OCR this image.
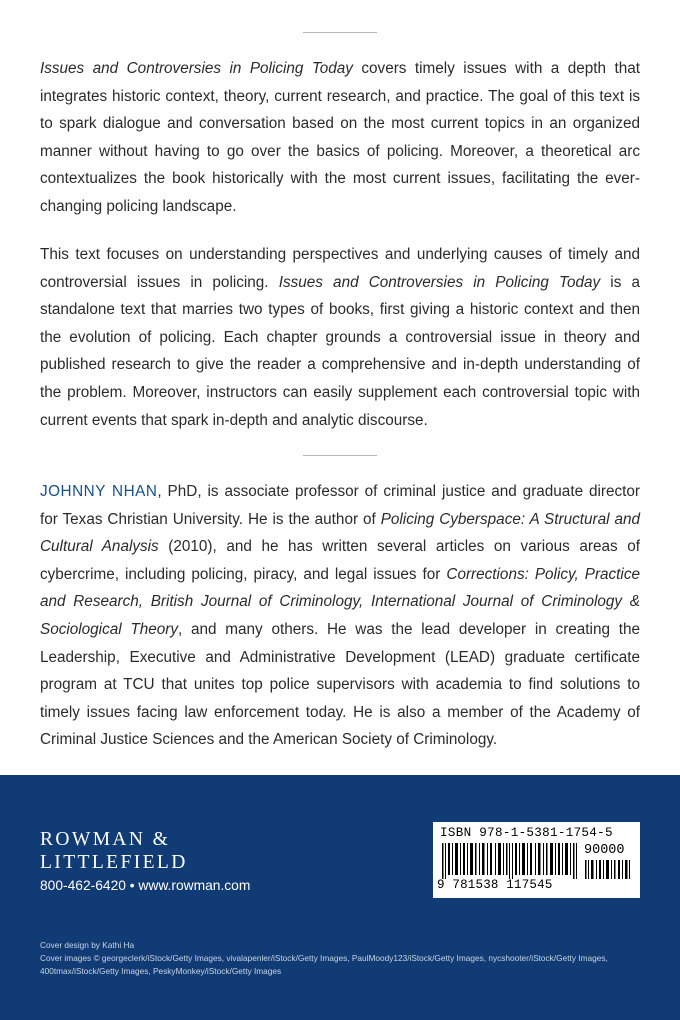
Issues and Controversies in Policing Today covers timely issues with a depth that integrates historic context, theory, current research, and practice. The goal of this text is to spark dialogue and conversation based on the most current topics in an organized manner without having to go over the basics of policing. Moreover, a theoretical arc contextualizes the book historically with the most current issues, facilitating the ever-changing policing landscape.

This text focuses on understanding perspectives and underlying causes of timely and controversial issues in policing. Issues and Controversies in Policing Today is a standalone text that marries two types of books, first giving a historic context and then the evolution of policing. Each chapter grounds a controversial issue in theory and published research to give the reader a comprehensive and in-depth understanding of the problem. Moreover, instructors can easily supplement each controversial topic with current events that spark in-depth and analytic discourse.

JOHNNY NHAN, PhD, is associate professor of criminal justice and graduate director for Texas Christian University. He is the author of Policing Cyberspace: A Structural and Cultural Analysis (2010), and he has written several articles on various areas of cybercrime, including policing, piracy, and legal issues for Corrections: Policy, Practice and Research, British Journal of Criminology, International Journal of Criminology & Sociological Theory, and many others. He was the lead developer in creating the Leadership, Executive and Administrative Development (LEAD) graduate certificate program at TCU that unites top police supervisors with academia to find solutions to timely issues facing law enforcement today. He is also a member of the Academy of Criminal Justice Sciences and the American Society of Criminology.

ROWMAN &
LITTLEFIELD
800-462-6420 • www.rowman.com
ISBN 978-1-5381-1754-5
90000
9 781538 117545

Cover design by Kathi Ha

Cover images © georgeclerk/iStock/Getty Images, vivalapenler/iStock/Getty Images, PaulMoody123/iStock/Getty Images, nycshooter/iStock/Getty Images, 400tmax/iStock/Getty Images, PeskyMonkey/iStock/Getty Images
